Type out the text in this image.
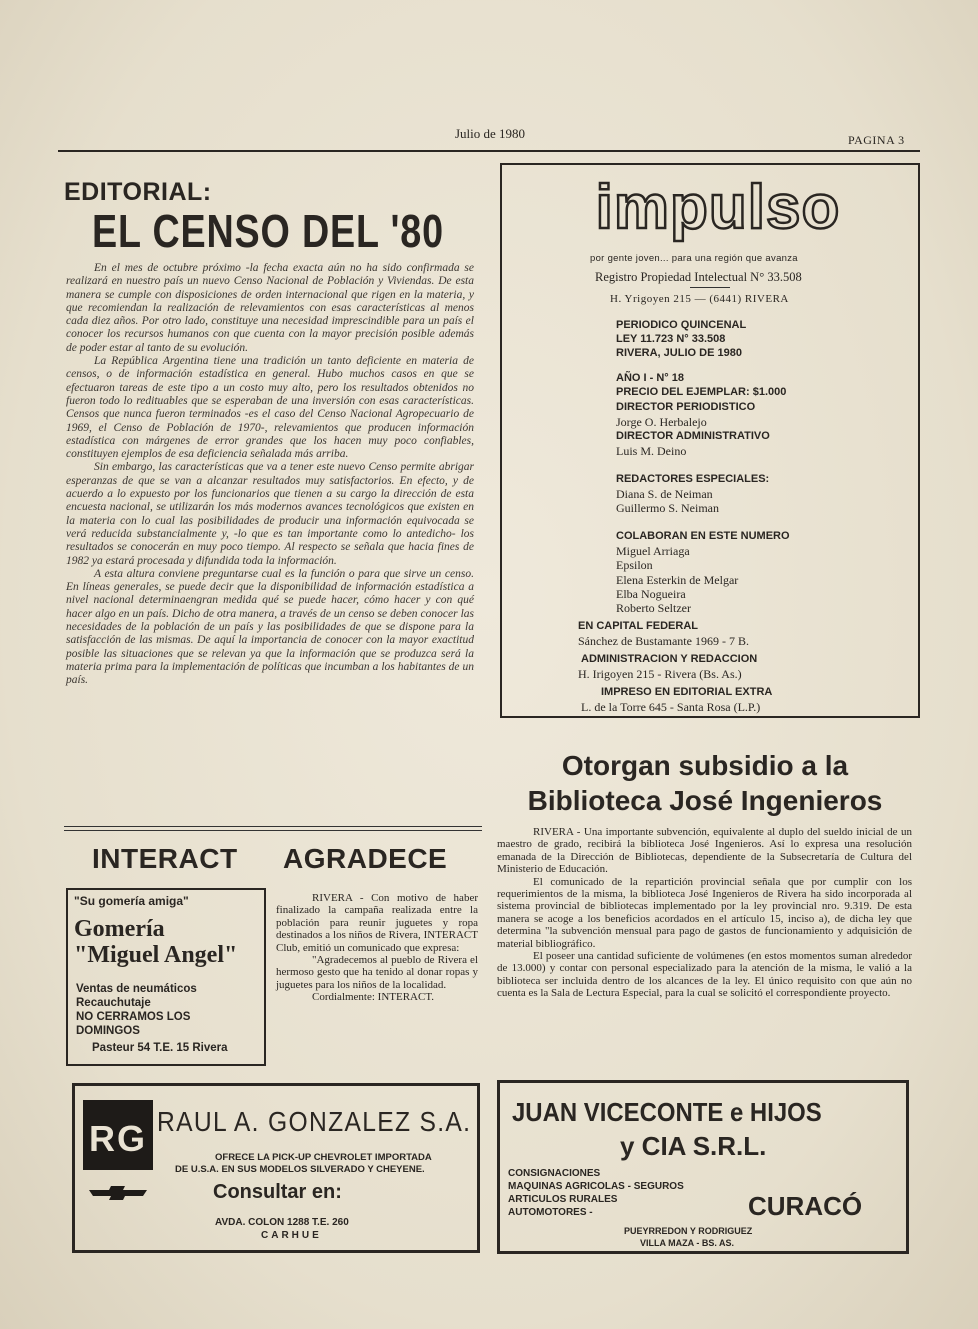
Julio de 1980	PAGINA 3
EDITORIAL:
EL CENSO DEL '80

En el mes de octubre próximo -la fecha exacta aún no ha sido confirmada se realizará en nuestro país un nuevo Censo Nacional de Población y Viviendas. De esta manera se cumple con disposiciones de orden internacional que rigen en la materia, y que recomiendan la realización de relevamientos con esas características al menos cada diez años. Por otro lado, constituye una necesidad imprescindible para un país el conocer los recursos humanos con que cuenta con la mayor precisión posible además de poder estar al tanto de su evolución.

La República Argentina tiene una tradición un tanto deficiente en materia de censos, o de información estadística en general. Hubo muchos casos en que se efectuaron tareas de este tipo a un costo muy alto, pero los resultados obtenidos no fueron todo lo redituables que se esperaban de una inversión con esas características. Censos que nunca fueron terminados -es el caso del Censo Nacional Agropecuario de 1969, el Censo de Población de 1970-, relevamientos que producen información estadística con márgenes de error grandes que los hacen muy poco confiables, constituyen ejemplos de esa deficiencia señalada más arriba.

Sin embargo, las características que va a tener este nuevo Censo permite abrigar esperanzas de que se van a alcanzar resultados muy satisfactorios. En efecto, y de acuerdo a lo expuesto por los funcionarios que tienen a su cargo la dirección de esta encuesta nacional, se utilizarán los más modernos avances tecnológicos que existen en la materia con lo cual las posibilidades de producir una información equivocada se verá reducida substancialmente y, -lo que es tan importante como lo antedicho- los resultados se conocerán en muy poco tiempo. Al respecto se señala que hacia fines de 1982 ya estará procesada y difundida toda la información.

A esta altura conviene preguntarse cual es la función o para que sirve un censo. En líneas generales, se puede decir que la disponibilidad de información estadística a nivel nacional determinaengran medida qué se puede hacer, cómo hacer y con qué hacer algo en un país. Dicho de otra manera, a través de un censo se deben conocer las necesidades de la población de un país y las posibilidades de que se dispone para la satisfacción de las mismas. De aquí la importancia de conocer con la mayor exactitud posible las situaciones que se relevan ya que la información que se produzca será la materia prima para la implementación de políticas que incumban a los habitantes de un país.

impulso
por gente joven... para una región que avanza
Registro Propiedad Intelectual N° 33.508
H. Yrigoyen 215 — (6441) RIVERA
PERIODICO QUINCENAL
LEY 11.723 N° 33.508
RIVERA, JULIO DE 1980
AÑO I - N° 18
PRECIO DEL EJEMPLAR: $1.000
DIRECTOR PERIODISTICO
Jorge O. Herbalejo
DIRECTOR ADMINISTRATIVO
Luis M. Deino
REDACTORES ESPECIALES:
Diana S. de Neiman
Guillermo S. Neiman
COLABORAN EN ESTE NUMERO
Miguel Arriaga
Epsilon
Elena Esterkin de Melgar
Elba Nogueira
Roberto Seltzer
EN CAPITAL FEDERAL
Sánchez de Bustamante 1969 - 7 B.
ADMINISTRACION Y REDACCION
H. Irigoyen 215 - Rivera (Bs. As.)
IMPRESO EN EDITORIAL EXTRA
L. de la Torre 645 - Santa Rosa (L.P.)
Otorgan subsidio a la
Biblioteca José Ingenieros

RIVERA - Una importante subvención, equivalente al duplo del sueldo inicial de un maestro de grado, recibirá la biblioteca José Ingenieros. Así lo expresa una resolución emanada de la Dirección de Bibliotecas, dependiente de la Subsecretaría de Cultura del Ministerio de Educación.

El comunicado de la repartición provincial señala que por cumplir con los requerimientos de la misma, la biblioteca José Ingenieros de Rivera ha sido incorporada al sistema provincial de bibliotecas implementado por la ley provincial nro. 9.319. De esta manera se acoge a los beneficios acordados en el artículo 15, inciso a), de dicha ley que determina "la subvención mensual para pago de gastos de funcionamiento y adquisición de material bibliográfico.

El poseer una cantidad suficiente de volúmenes (en estos momentos suman alrededor de 13.000) y contar con personal especializado para la atención de la misma, le valió a la biblioteca ser incluida dentro de los alcances de la ley. El único requisito con que aún no cuenta es la Sala de Lectura Especial, para la cual se solicitó el correspondiente proyecto.

INTERACT AGRADECE

RIVERA - Con motivo de haber finalizado la campaña realizada entre la población para reunir juguetes y ropa destinados a los niños de Rivera, INTERACT Club, emitió un comunicado que expresa:

"Agradecemos al pueblo de Rivera el hermoso gesto que ha tenido al donar ropas y juguetes para los niños de la localidad.

Cordialmente: INTERACT.

"Su gomería amiga"
Gomería
"Miguel Angel"
Ventas de neumáticos
Recauchutaje
NO CERRAMOS LOS
DOMINGOS
Pasteur 54 T.E. 15 Rivera
RG RAUL A. GONZALEZ S.A.
OFRECE LA PICK-UP CHEVROLET IMPORTADA
DE U.S.A. EN SUS MODELOS SILVERADO Y CHEYENE.
Consultar en:
AVDA. COLON 1288 T.E. 260
CARHUE
JUAN VICECONTE e HIJOS
y CIA S.R.L.
CONSIGNACIONES
MAQUINAS AGRICOLAS - SEGUROS
ARTICULOS RURALES
AUTOMOTORES -	CURACÓ
PUEYRREDON Y RODRIGUEZ
VILLA MAZA - BS. AS.
